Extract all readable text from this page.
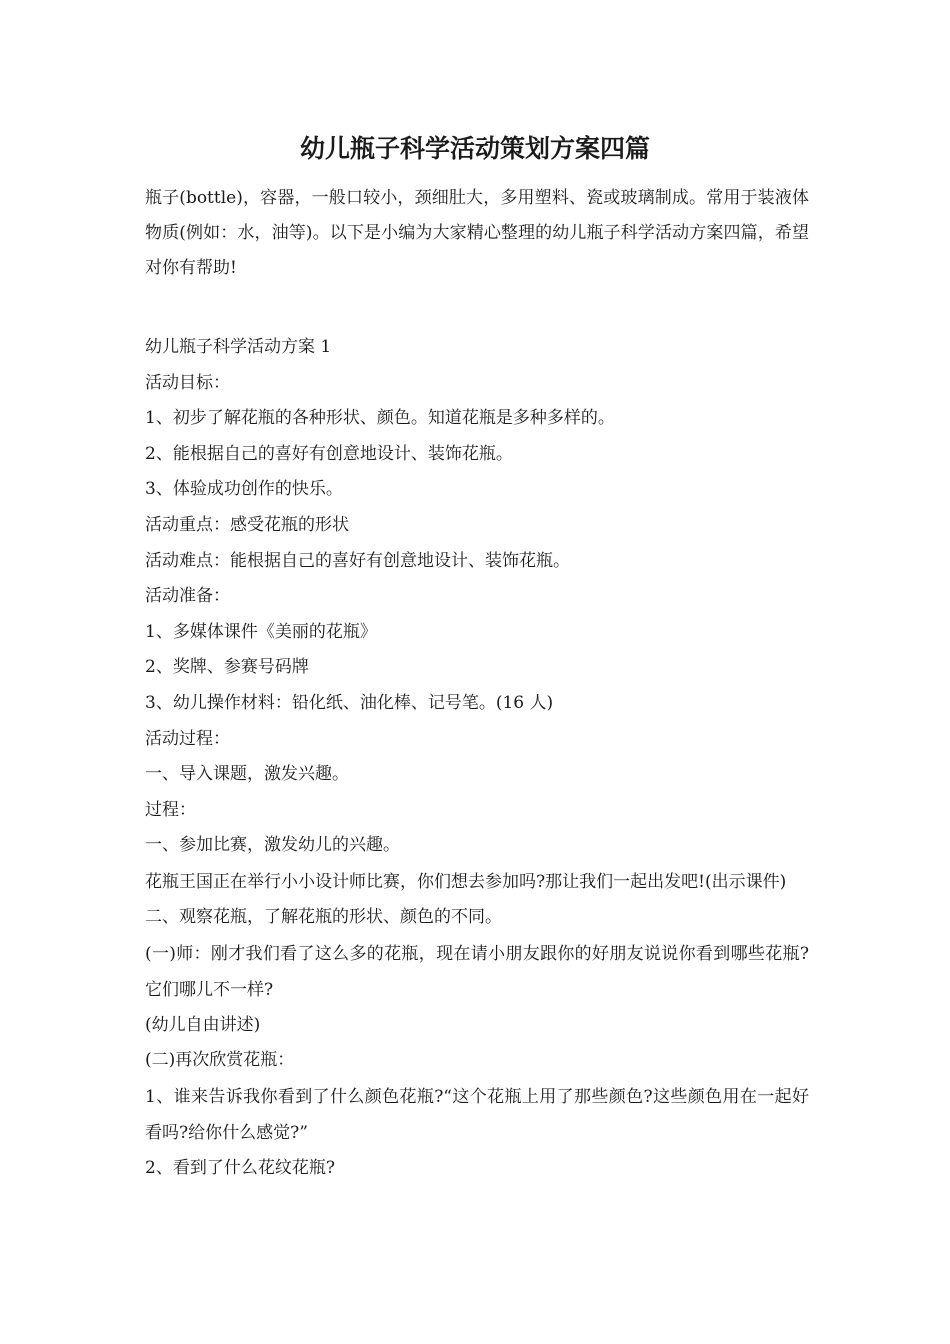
幼儿瓶子科学活动策划方案四篇

瓶子(bottle)，容器，一般口较小，颈细肚大，多用塑料、瓷或玻璃制成。常用于装液体物质(例如：水，油等)。以下是小编为大家精心整理的幼儿瓶子科学活动方案四篇，希望对你有帮助!

幼儿瓶子科学活动方案 1

活动目标：

1、初步了解花瓶的各种形状、颜色。知道花瓶是多种多样的。

2、能根据自己的喜好有创意地设计、装饰花瓶。

3、体验成功创作的快乐。

活动重点：感受花瓶的形状

活动难点：能根据自己的喜好有创意地设计、装饰花瓶。

活动准备：

1、多媒体课件《美丽的花瓶》

2、奖牌、参赛号码牌

3、幼儿操作材料：铅化纸、油化棒、记号笔。(16 人)

活动过程：

一、导入课题，激发兴趣。

过程：

一、参加比赛，激发幼儿的兴趣。

花瓶王国正在举行小小设计师比赛，你们想去参加吗?那让我们一起出发吧!(出示课件)

二、观察花瓶，了解花瓶的形状、颜色的不同。

(一)师：刚才我们看了这么多的花瓶，现在请小朋友跟你的好朋友说说你看到哪些花瓶?它们哪儿不一样?

(幼儿自由讲述)

(二)再次欣赏花瓶：

1、谁来告诉我你看到了什么颜色花瓶?“这个花瓶上用了那些颜色?这些颜色用在一起好看吗?给你什么感觉?”

2、看到了什么花纹花瓶?
